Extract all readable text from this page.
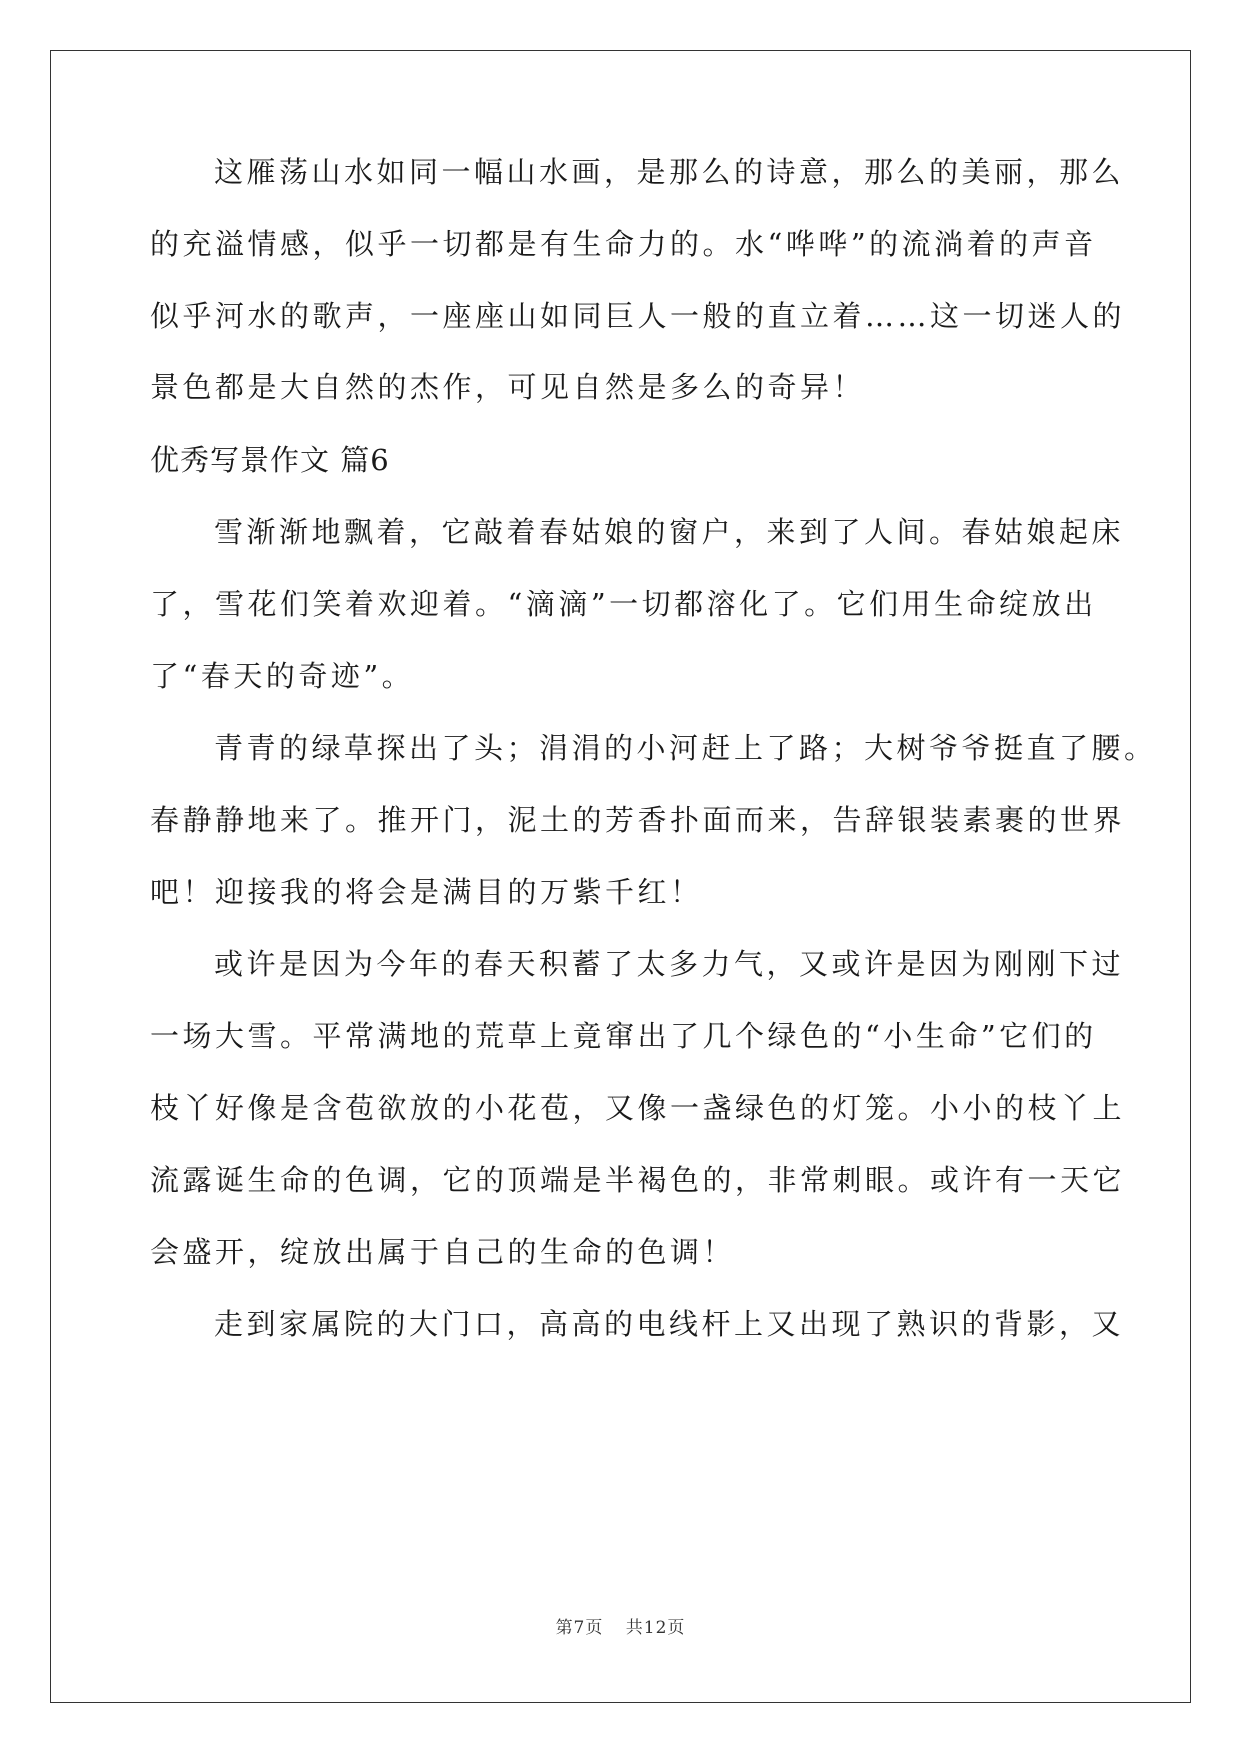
这雁荡山水如同一幅山水画，是那么的诗意，那么的美丽，那么
的充溢情感，似乎一切都是有生命力的。水“哗哗”的流淌着的声音
似乎河水的歌声，一座座山如同巨人一般的直立着……这一切迷人的
景色都是大自然的杰作，可见自然是多么的奇异！
优秀写景作文 篇6
雪渐渐地飘着，它敲着春姑娘的窗户，来到了人间。春姑娘起床
了，雪花们笑着欢迎着。“滴滴”一切都溶化了。它们用生命绽放出
了“春天的奇迹”。
青青的绿草探出了头；涓涓的小河赶上了路；大树爷爷挺直了腰。
春静静地来了。推开门，泥土的芳香扑面而来，告辞银装素裹的世界
吧！迎接我的将会是满目的万紫千红！
或许是因为今年的春天积蓄了太多力气，又或许是因为刚刚下过
一场大雪。平常满地的荒草上竟窜出了几个绿色的“小生命”它们的
枝丫好像是含苞欲放的小花苞，又像一盏绿色的灯笼。小小的枝丫上
流露诞生命的色调，它的顶端是半褐色的，非常刺眼。或许有一天它
会盛开，绽放出属于自己的生命的色调！
走到家属院的大门口，高高的电线杆上又出现了熟识的背影，又
第7页 共12页
